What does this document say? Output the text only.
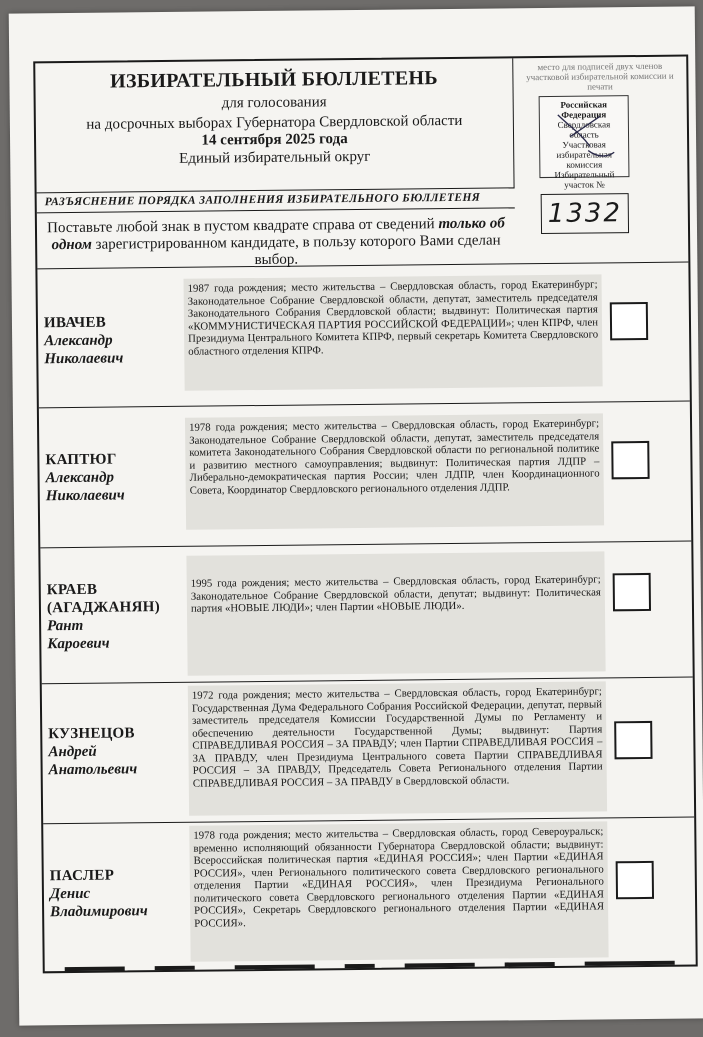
ИЗБИРАТЕЛЬНЫЙ БЮЛЛЕТЕНЬ
для голосования
на досрочных выборах Губернатора Свердловской области
14 сентября 2025 года
Единый избирательный округ
место для подписей двух членов участковой избирательной комиссии и печати
Российская Федерация
Свердловская
область
Участковая
избирательная
комиссия
Избирательный
участок №
1332
РАЗЪЯСНЕНИЕ ПОРЯДКА ЗАПОЛНЕНИЯ ИЗБИРАТЕЛЬНОГО БЮЛЛЕТЕНЯ
Поставьте любой знак в пустом квадрате справа от сведений только об одном зарегистрированном кандидате, в пользу которого Вами сделан выбор.
ИВАЧЕВ
Александр
Николаевич
1987 года рождения; место жительства – Свердловская область, город Екатеринбург; Законодательное Собрание Свердловской области, депутат, заместитель председателя Законодательного Собрания Свердловской области; выдвинут: Политическая партия «КОММУНИСТИЧЕСКАЯ ПАРТИЯ РОССИЙСКОЙ ФЕДЕРАЦИИ»; член КПРФ, член Президиума Центрального Комитета КПРФ, первый секретарь Комитета Свердловского областного отделения КПРФ.
КАПТЮГ
Александр
Николаевич
1978 года рождения; место жительства – Свердловская область, город Екатеринбург; Законодательное Собрание Свердловской области, депутат, заместитель председателя комитета Законодательного Собрания Свердловской области по региональной политике и развитию местного самоуправления; выдвинут: Политическая партия ЛДПР – Либерально-демократическая партия России; член ЛДПР, член Координационного Совета, Координатор Свердловского регионального отделения ЛДПР.
КРАЕВ (АГАДЖАНЯН)
Рант
Кароевич
1995 года рождения; место жительства – Свердловская область, город Екатеринбург; Законодательное Собрание Свердловской области, депутат; выдвинут: Политическая партия «НОВЫЕ ЛЮДИ»; член Партии «НОВЫЕ ЛЮДИ».
КУЗНЕЦОВ
Андрей
Анатольевич
1972 года рождения; место жительства – Свердловская область, город Екатеринбург; Государственная Дума Федерального Собрания Российской Федерации, депутат, первый заместитель председателя Комиссии Государственной Думы по Регламенту и обеспечению деятельности Государственной Думы; выдвинут: Партия СПРАВЕДЛИВАЯ РОССИЯ – ЗА ПРАВДУ; член Партии СПРАВЕДЛИВАЯ РОССИЯ – ЗА ПРАВДУ, член Президиума Центрального совета Партии СПРАВЕДЛИВАЯ РОССИЯ – ЗА ПРАВДУ, Председатель Совета Регионального отделения Партии СПРАВЕДЛИВАЯ РОССИЯ – ЗА ПРАВДУ в Свердловской области.
ПАСЛЕР
Денис
Владимирович
1978 года рождения; место жительства – Свердловская область, город Североуральск; временно исполняющий обязанности Губернатора Свердловской области; выдвинут: Всероссийская политическая партия «ЕДИНАЯ РОССИЯ»; член Партии «ЕДИНАЯ РОССИЯ», член Регионального политического совета Свердловского регионального отделения Партии «ЕДИНАЯ РОССИЯ», член Президиума Регионального политического совета Свердловского регионального отделения Партии «ЕДИНАЯ РОССИЯ», Секретарь Свердловского регионального отделения Партии «ЕДИНАЯ РОССИЯ».
